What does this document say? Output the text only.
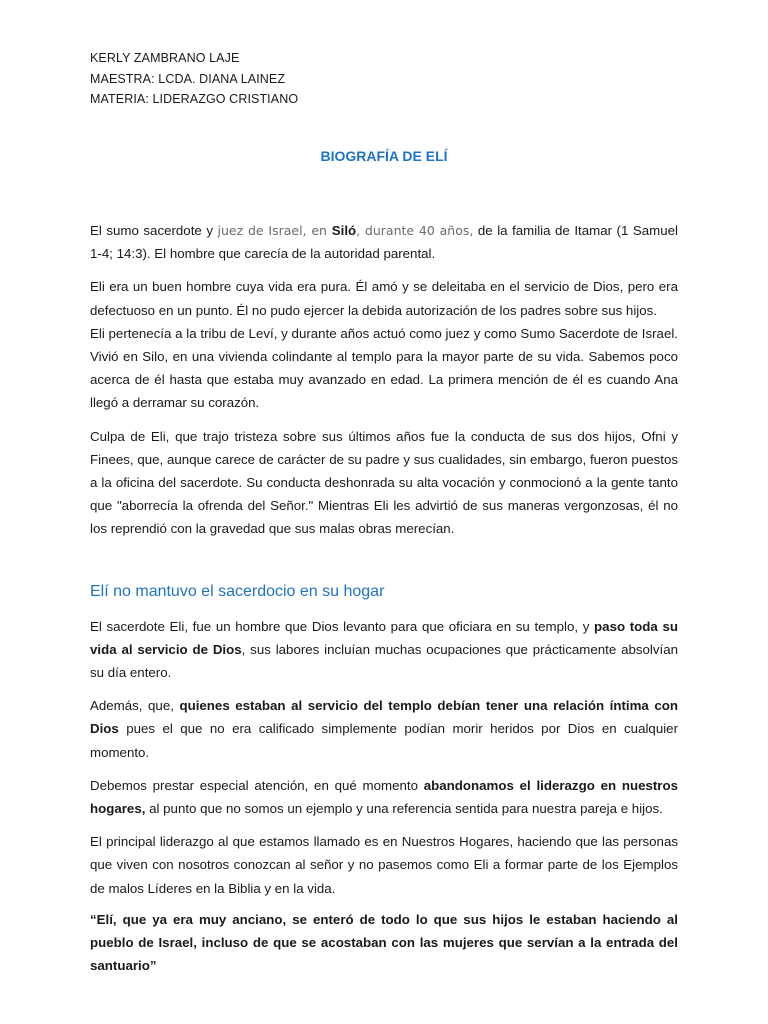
KERLY ZAMBRANO LAJE
MAESTRA: LCDA. DIANA LAINEZ
MATERIA: LIDERAZGO CRISTIANO
BIOGRAFÍA DE ELÍ

El sumo sacerdote y juez de Israel, en Siló, durante 40 años, de la familia de Itamar (1 Samuel 1-4; 14:3). El hombre que carecía de la autoridad parental.

Eli era un buen hombre cuya vida era pura. Él amó y se deleitaba en el servicio de Dios, pero era defectuoso en un punto. Él no pudo ejercer la debida autorización de los padres sobre sus hijos.

Eli pertenecía a la tribu de Leví, y durante años actuó como juez y como Sumo Sacerdote de Israel. Vivió en Silo, en una vivienda colindante al templo para la mayor parte de su vida. Sabemos poco acerca de él hasta que estaba muy avanzado en edad. La primera mención de él es cuando Ana llegó a derramar su corazón.

Culpa de Eli, que trajo tristeza sobre sus últimos años fue la conducta de sus dos hijos, Ofni y Finees, que, aunque carece de carácter de su padre y sus cualidades, sin embargo, fueron puestos a la oficina del sacerdote. Su conducta deshonrada su alta vocación y conmocionó a la gente tanto que "aborrecía la ofrenda del Señor." Mientras Eli les advirtió de sus maneras vergonzosas, él no los reprendió con la gravedad que sus malas obras merecían.

Elí no mantuvo el sacerdocio en su hogar

El sacerdote Eli, fue un hombre que Dios levanto para que oficiara en su templo, y paso toda su vida al servicio de Dios, sus labores incluían muchas ocupaciones que prácticamente absolvían su día entero.

Además, que, quienes estaban al servicio del templo debían tener una relación íntima con Dios pues el que no era calificado simplemente podían morir heridos por Dios en cualquier momento.

Debemos prestar especial atención, en qué momento abandonamos el liderazgo en nuestros hogares, al punto que no somos un ejemplo y una referencia sentida para nuestra pareja e hijos.

El principal liderazgo al que estamos llamado es en Nuestros Hogares, haciendo que las personas que viven con nosotros conozcan al señor y no pasemos como Eli a formar parte de los Ejemplos de malos Líderes en la Biblia y en la vida.

“Elí, que ya era muy anciano, se enteró de todo lo que sus hijos le estaban haciendo al pueblo de Israel, incluso de que se acostaban con las mujeres que servían a la entrada del santuario”
